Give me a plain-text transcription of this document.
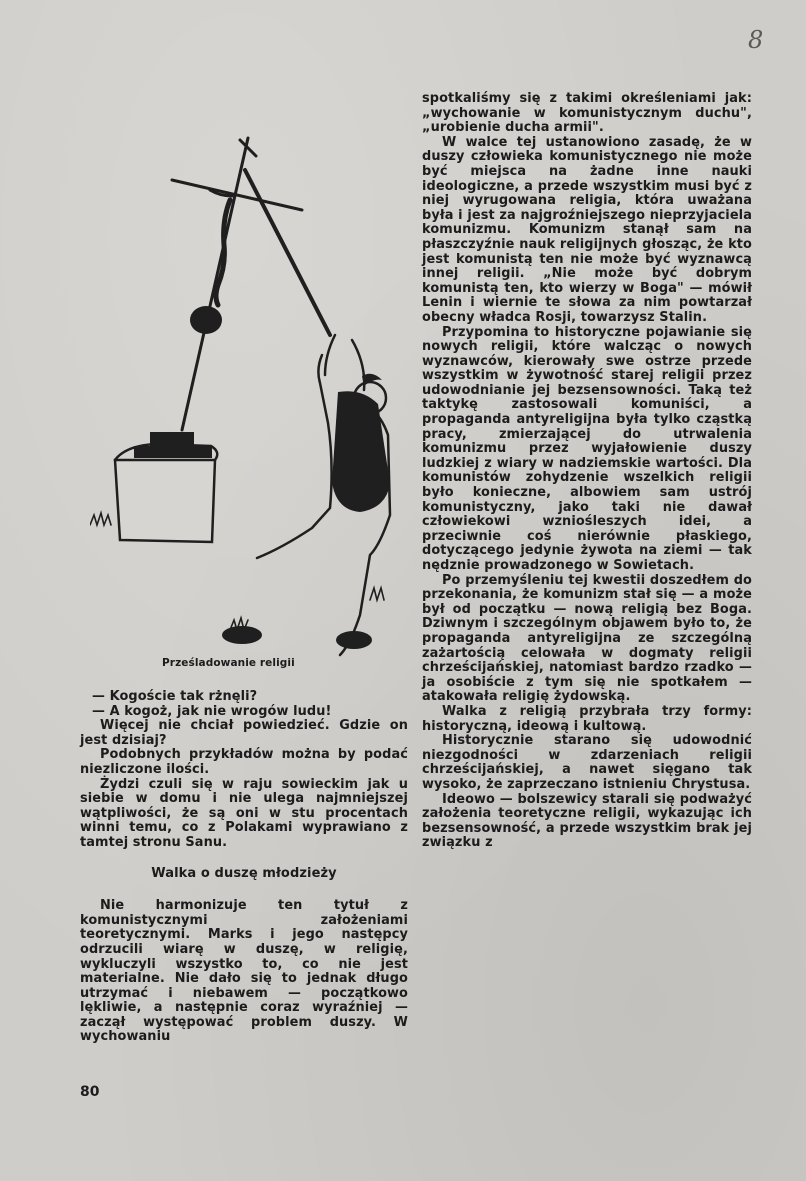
8
Prześladowanie religii

— Kogoście tak rżnęli?

— A kogoż, jak nie wrogów ludu!

Więcej nie chciał powiedzieć. Gdzie on jest dzisiaj?

Podobnych przykładów można by podać niezliczone ilości.

Żydzi czuli się w raju sowieckim jak u siebie w domu i nie ulega najmniejszej wątpliwości, że są oni w stu procentach winni temu, co z Polakami wyprawiano z tamtej stronu Sanu.

Walka o duszę młodzieży

Nie harmonizuje ten tytuł z komunistycznymi założeniami teoretycznymi. Marks i jego następcy odrzucili wiarę w duszę, w religię, wykluczyli wszystko to, co nie jest materialne. Nie dało się to jednak długo utrzymać i niebawem — początkowo lękliwie, a następnie coraz wyraźniej — zaczął występować problem duszy. W wychowaniu

spotkaliśmy się z takimi określeniami jak: „wychowanie w komunistycznym duchu", „urobienie ducha armii".

W walce tej ustanowiono zasadę, że w duszy człowieka komunistycznego nie może być miejsca na żadne inne nauki ideologiczne, a przede wszystkim musi być z niej wyrugowana religia, która uważana była i jest za najgroźniejszego nieprzyjaciela komunizmu. Komunizm stanął sam na płaszczyźnie nauk religijnych głosząc, że kto jest komunistą ten nie może być wyznawcą innej religii. „Nie może być dobrym komunistą ten, kto wierzy w Boga" — mówił Lenin i wiernie te słowa za nim powtarzał obecny władca Rosji, towarzysz Stalin.

Przypomina to historyczne pojawianie się nowych religii, które walcząc o nowych wyznawców, kierowały swe ostrze przede wszystkim w żywotność starej religii przez udowodnianie jej bezsensowności. Taką też taktykę zastosowali komuniści, a propaganda antyreligijna była tylko cząstką pracy, zmierzającej do utrwalenia komunizmu przez wyjałowienie duszy ludzkiej z wiary w nadziemskie wartości. Dla komunistów zohydzenie wszelkich religii było konieczne, albowiem sam ustrój komunistyczny, jako taki nie dawał człowiekowi wzniośleszych idei, a przeciwnie coś nierównie płaskiego, dotyczącego jedynie żywota na ziemi — tak nędznie prowadzonego w Sowietach.

Po przemyśleniu tej kwestii doszedłem do przekonania, że komunizm stał się — a może był od początku — nową religią bez Boga. Dziwnym i szczególnym objawem było to, że propaganda antyreligijna ze szczególną zażartością celowała w dogmaty religii chrześcijańskiej, natomiast bardzo rzadko — ja osobiście z tym się nie spotkałem — atakowała religię żydowską.

Walka z religią przybrała trzy formy: historyczną, ideową i kultową.

Historycznie starano się udowodnić niezgodności w zdarzeniach religii chrześcijańskiej, a nawet sięgano tak wysoko, że zaprzeczano istnieniu Chrystusa.

Ideowo — bolszewicy starali się podważyć założenia teoretyczne religii, wykazując ich bezsensowność, a przede wszystkim brak jej związku z

80
